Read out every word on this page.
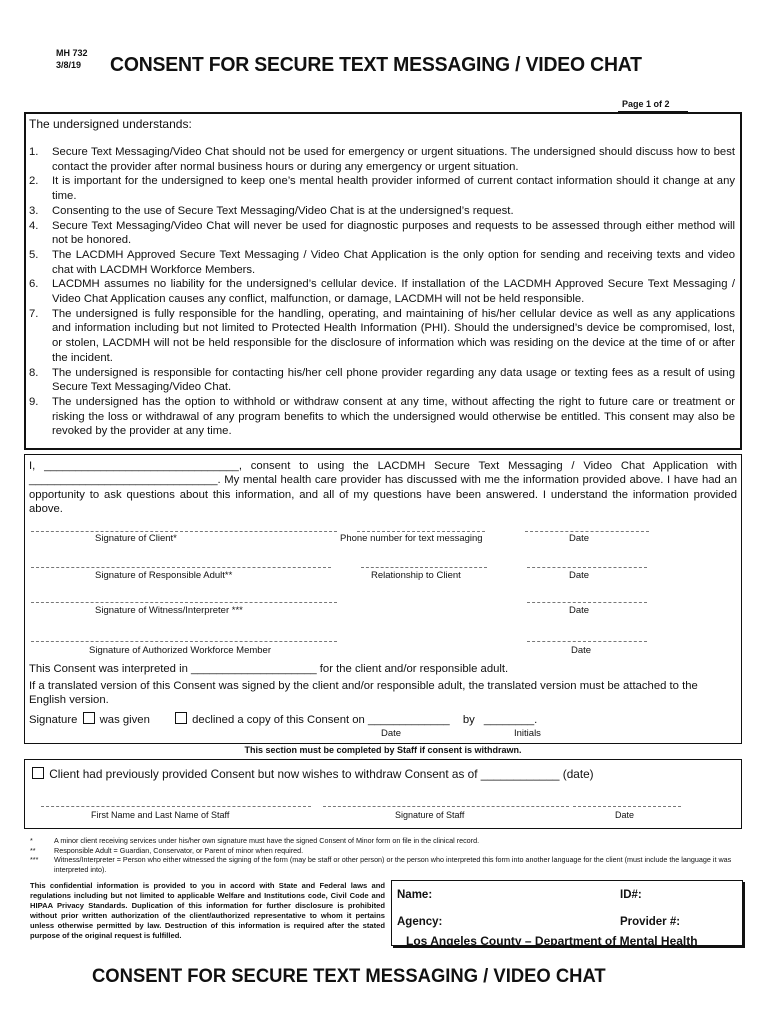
MH 732
3/8/19	CONSENT FOR SECURE TEXT MESSAGING / VIDEO CHAT
Page 1 of 2
The undersigned understands:
1. Secure Text Messaging/Video Chat should not be used for emergency or urgent situations. The undersigned should discuss how to best contact the provider after normal business hours or during any emergency or urgent situation.
2. It is important for the undersigned to keep one’s mental health provider informed of current contact information should it change at any time.
3. Consenting to the use of Secure Text Messaging/Video Chat is at the undersigned’s request.
4. Secure Text Messaging/Video Chat will never be used for diagnostic purposes and requests to be assessed through either method will not be honored.
5. The LACDMH Approved Secure Text Messaging / Video Chat Application is the only option for sending and receiving texts and video chat with LACDMH Workforce Members.
6. LACDMH assumes no liability for the undersigned’s cellular device. If installation of the LACDMH Approved Secure Text Messaging / Video Chat Application causes any conflict, malfunction, or damage, LACDMH will not be held responsible.
7. The undersigned is fully responsible for the handling, operating, and maintaining of his/her cellular device as well as any applications and information including but not limited to Protected Health Information (PHI). Should the undersigned’s device be compromised, lost, or stolen, LACDMH will not be held responsible for the disclosure of information which was residing on the device at the time of or after the incident.
8. The undersigned is responsible for contacting his/her cell phone provider regarding any data usage or texting fees as a result of using Secure Text Messaging/Video Chat.
9. The undersigned has the option to withhold or withdraw consent at any time, without affecting the right to future care or treatment or risking the loss or withdrawal of any program benefits to which the undersigned would otherwise be entitled. This consent may also be revoked by the provider at any time.
I, _______________________________, consent to using the LACDMH Secure Text Messaging / Video Chat Application with ______________________________. My mental health care provider has discussed with me the information provided above. I have had an opportunity to ask questions about this information, and all of my questions have been answered. I understand the information provided above.
Signature of Client*	Phone number for text messaging	Date
Signature of Responsible Adult**	Relationship to Client	Date
Signature of Witness/Interpreter ***	Date
Signature of Authorized Workforce Member	Date
This Consent was interpreted in ____________________ for the client and/or responsible adult.
If a translated version of this Consent was signed by the client and/or responsible adult, the translated version must be attached to the English version.
Signature was given	declined a copy of this Consent on _____________ by ________.
Date	Initials
This section must be completed by Staff if consent is withdrawn.
Client had previously provided Consent but now wishes to withdraw Consent as of ____________ (date)
First Name and Last Name of Staff	Signature of Staff	Date
*	A minor client receiving services under his/her own signature must have the signed Consent of Minor form on file in the clinical record.
**	Responsible Adult = Guardian, Conservator, or Parent of minor when required.
*** Witness/Interpreter = Person who either witnessed the signing of the form (may be staff or other person) or the person who interpreted this form into another language for the client (must include the language it was interpreted into).
This confidential information is provided to you in accord with State and Federal laws and regulations including but not limited to applicable Welfare and Institutions code, Civil Code and HIPAA Privacy Standards. Duplication of this information for further disclosure is prohibited without prior written authorization of the client/authorized representative to whom it pertains unless otherwise permitted by law. Destruction of this information is required after the stated purpose of the original request is fulfilled.
Name:	ID#:
Agency:	Provider #:
Los Angeles County – Department of Mental Health
CONSENT FOR SECURE TEXT MESSAGING / VIDEO CHAT
